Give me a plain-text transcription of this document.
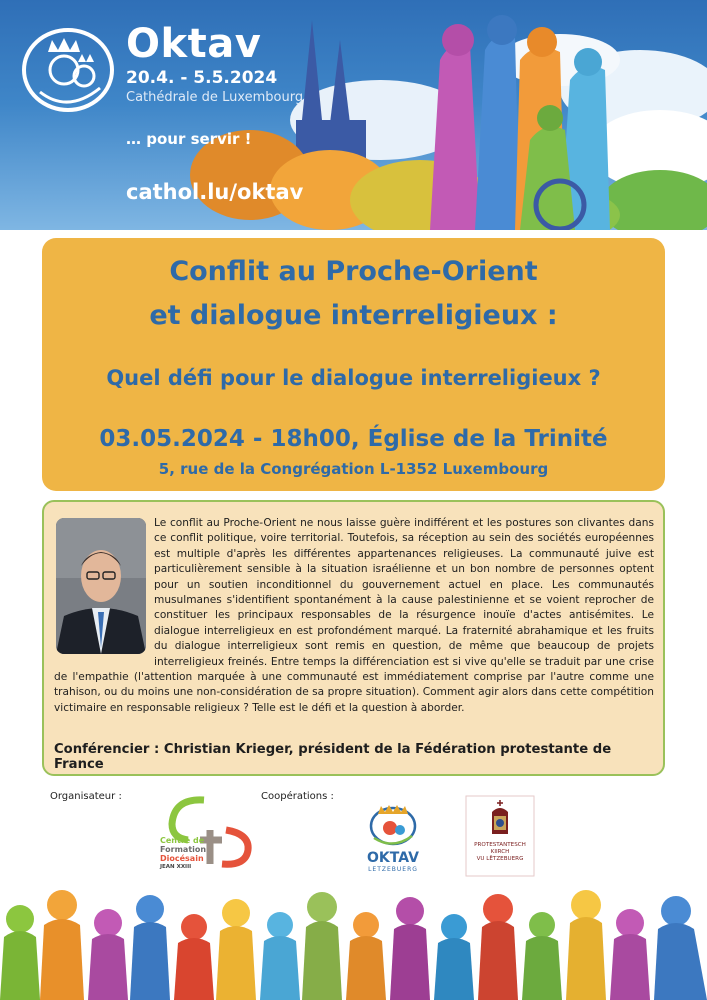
Oktav
20.4. - 5.5.2024
Cathédrale de Luxembourg
… pour servir !
cathol.lu/oktav
Conflit au Proche-Orient
et dialogue interreligieux :
Quel défi pour le dialogue interreligieux ?
03.05.2024 - 18h00, Église de la Trinité
5, rue de la Congrégation L-1352 Luxembourg
Le conflit au Proche-Orient ne nous laisse guère indifférent et les postures son clivantes dans ce conflit politique, voire territorial. Toutefois, sa réception au sein des sociétés européennes est multiple d'après les différentes appartenances religieuses. La communauté juive est particulièrement sensible à la situation israélienne et un bon nombre de personnes optent pour un soutien inconditionnel du gouvernement actuel en place. Les communautés musulmanes s'identifient spontanément à la cause palestinienne et se voient reprocher de constituer les principaux responsables de la résurgence inouïe d'actes antisémites. Le dialogue interreligieux en est profondément marqué. La fraternité abrahamique et les fruits du dialogue interreligieux sont remis en question, de même que beaucoup de projets interreligieux freinés. Entre temps la différenciation est si vive qu'elle se traduit par une crise de l'empathie (l'attention marquée à une communauté est immédiatement comprise par l'autre comme une trahison, ou du moins une non-considération de sa propre situation). Comment agir alors dans cette compétition victimaire en responsable religieux ? Telle est le défi et la question à aborder.
Conférencier : Christian Krieger, président de la Fédération protestante de France
Organisateur :	Coopérations :
Centre de
Formation
Diocésain
JEAN XXIII
OKTAV
LETZEBUERG
PROTESTANTESCH KIIRCH
VU LËTZEBUERG
